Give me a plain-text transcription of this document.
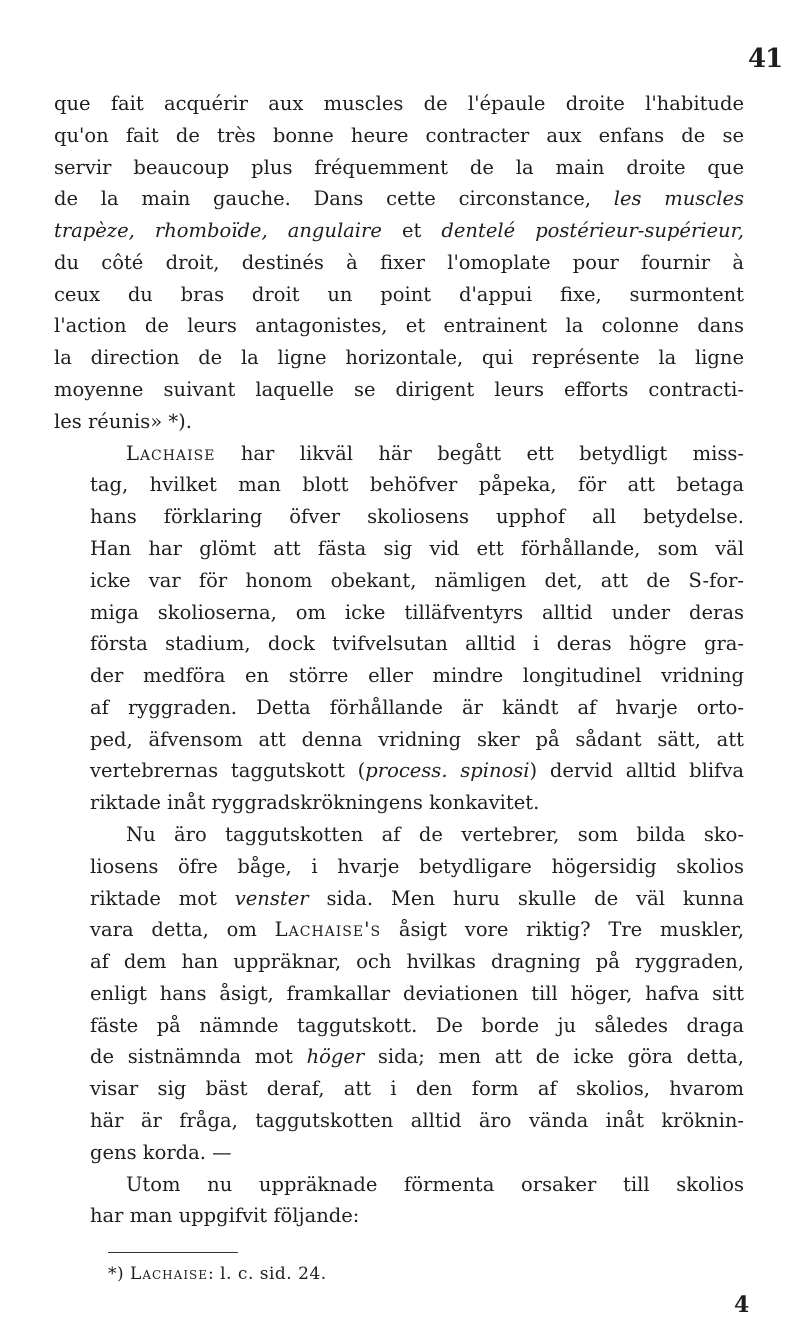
41
que fait acquérir aux muscles de l'épaule droite l'habitude
qu'on fait de très bonne heure contracter aux enfans de se
servir beaucoup plus fréquemment de la main droite que
de la main gauche. Dans cette circonstance, les muscles
trapèze, rhomboïde, angulaire et dentelé postérieur-supérieur,
du côté droit, destinés à fixer l'omoplate pour fournir à
ceux du bras droit un point d'appui fixe, surmontent
l'action de leurs antagonistes, et entrainent la colonne dans
la direction de la ligne horizontale, qui représente la ligne
moyenne suivant laquelle se dirigent leurs efforts contracti-
les réunis» *).
Lachaise har likväl här begått ett betydligt miss-
tag, hvilket man blott behöfver påpeka, för att betaga
hans förklaring öfver skoliosens upphof all betydelse.
Han har glömt att fästa sig vid ett förhållande, som väl
icke var för honom obekant, nämligen det, att de S-for-
miga skolioserna, om icke tilläfventyrs alltid under deras
första stadium, dock tvifvelsutan alltid i deras högre gra-
der medföra en större eller mindre longitudinel vridning
af ryggraden. Detta förhållande är kändt af hvarje orto-
ped, äfvensom att denna vridning sker på sådant sätt, att
vertebrernas taggutskott (process. spinosi) dervid alltid blifva
riktade inåt ryggradskrökningens konkavitet.
Nu äro taggutskotten af de vertebrer, som bilda sko-
liosens öfre båge, i hvarje betydligare högersidig skolios
riktade mot venster sida. Men huru skulle de väl kunna
vara detta, om Lachaise's åsigt vore riktig? Tre muskler,
af dem han uppräknar, och hvilkas dragning på ryggraden,
enligt hans åsigt, framkallar deviationen till höger, hafva sitt
fäste på nämnde taggutskott. De borde ju således draga
de sistnämnda mot höger sida; men att de icke göra detta,
visar sig bäst deraf, att i den form af skolios, hvarom
här är fråga, taggutskotten alltid äro vända inåt kröknin-
gens korda. —
Utom nu uppräknade förmenta orsaker till skolios
har man uppgifvit följande:
*) Lachaise: l. c. sid. 24.
4
